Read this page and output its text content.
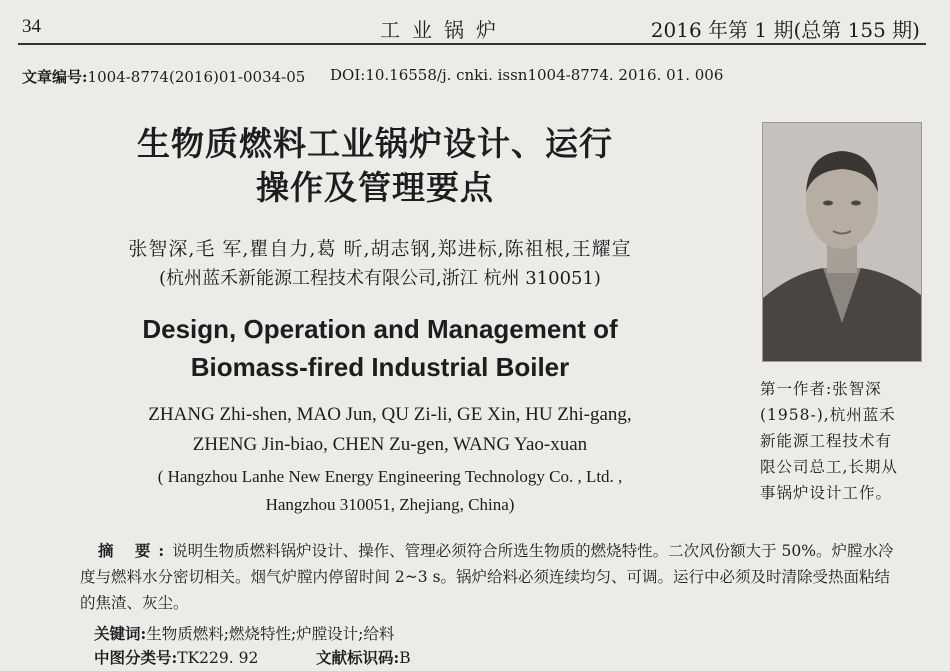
34	工业锅炉	2016 年第 1 期(总第 155 期)
文章编号:1004-8774(2016)01-0034-05 DOI:10.16558/j. cnki. issn1004-8774. 2016. 01. 006
生物质燃料工业锅炉设计、运行
操作及管理要点
张智深,毛 军,瞿自力,葛 昕,胡志钢,郑进标,陈祖根,王耀宣
(杭州蓝禾新能源工程技术有限公司,浙江 杭州 310051)
Design, Operation and Management of
Biomass-fired Industrial Boiler
ZHANG Zhi-shen, MAO Jun, QU Zi-li, GE Xin, HU Zhi-gang,
ZHENG Jin-biao, CHEN Zu-gen, WANG Yao-xuan
( Hangzhou Lanhe New Energy Engineering Technology Co. , Ltd. ,
Hangzhou 310051, Zhejiang, China)
第一作者:张智深
(1958-),杭州蓝禾
新能源工程技术有
限公司总工,长期从
事锅炉设计工作。
摘 要:说明生物质燃料锅炉设计、操作、管理必须符合所选生物质的燃烧特性。二次风份额大于 50%。炉膛水冷度与燃料水分密切相关。烟气炉膛内停留时间 2~3 s。锅炉给料必须连续均匀、可调。运行中必须及时清除受热面粘结的焦渣、灰尘。
关键词:生物质燃料;燃烧特性;炉膛设计;给料
中图分类号:TK229. 92	文献标识码:B
